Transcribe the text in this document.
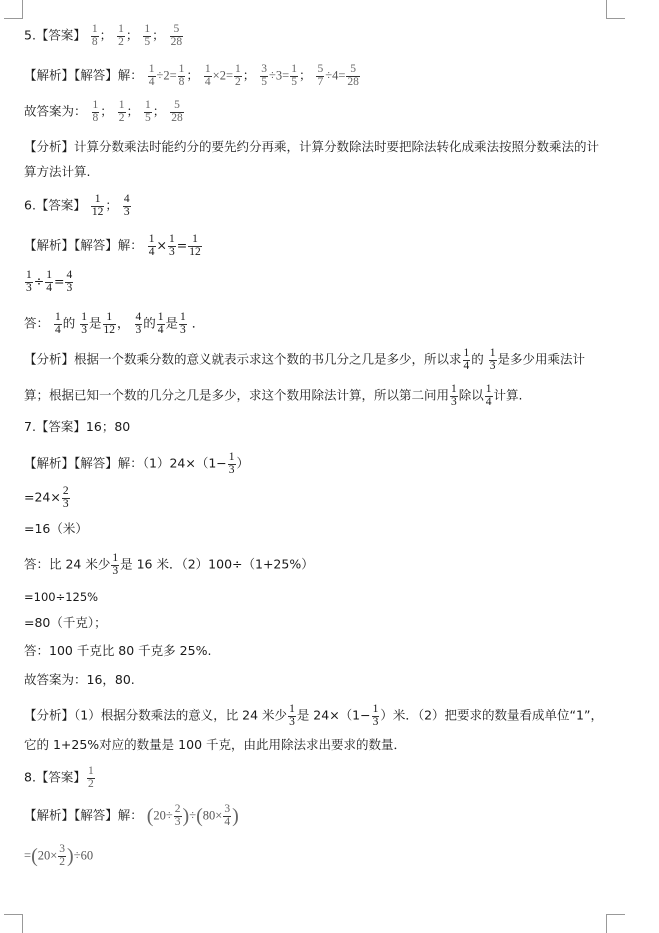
5.【答案】 $\frac{1}{8}$ ； $\frac{1}{2}$ ； $\frac{1}{5}$ ； $\frac{5}{28}$
【解析】【解答】解： $\frac{1}{4} \div 2= \frac{1}{8}$ ； $\frac{1}{4} \times 2= \frac{1}{2}$ ； $\frac{3}{5} \div 3= \frac{1}{5}$ ； $\frac{5}{7} \div 4= \frac{5}{28}$
故答案为： $\frac{1}{8}$ ； $\frac{1}{2}$ ； $\frac{1}{5}$ ； $\frac{5}{28}$
【分析】计算分数乘法时能约分的要先约分再乘，计算分数除法时要把除法转化成乘法按照分数乘法的计
算方法计算.
6.【答案】 $\frac{1}{12}$ ； $\frac{4}{3}$
【解析】【解答】解： $\frac{1}{4} \times \frac{1}{3} = \frac{1}{12}$
$\frac{1}{3} \div \frac{1}{4} = \frac{4}{3}$
答： $\frac{1}{4}$ 的 $\frac{1}{3}$ 是 $\frac{1}{12}$ ， $\frac{4}{3}$ 的 $\frac{1}{4}$ 是 $\frac{1}{3}$ ．
【分析】根据一个数乘分数的意义就表示求这个数的书几分之几是多少，所以求 $\frac{1}{4}$ 的 $\frac{1}{3}$ 是多少用乘法计
算；根据已知一个数的几分之几是多少，求这个数用除法计算，所以第二问用 $\frac{1}{3}$ 除以 $\frac{1}{4}$ 计算.
7.【答案】16；80
【解析】【解答】解：$(1)24\times(1- \frac{1}{3}$ ）
$=24\times \frac{2}{3}$
=16（米）
答：比 24 米少 $\frac{1}{3}$ 是 16 米．（2）100÷（1+25%）
=100÷125%
=80（千克）；
答：100 千克比 80 千克多 25%.
故答案为：16，80.
【分析】（1）根据分数乘法的意义，比 24 米少 $\frac{1}{3}$ 是 $24\times(1- \frac{1}{3}$ ）米．（2）把要求的数量看成单位“1”，
它的 1+25%对应的数量是 100 千克，由此用除法求出要求的数量．
8.【答案】 $\frac{1}{2}$
【解析】【解答】解： $(20\div \frac{2}{3} )\div(80\times \frac{3}{4}$ )
$=(20\times \frac{3}{2} )\div 60$
